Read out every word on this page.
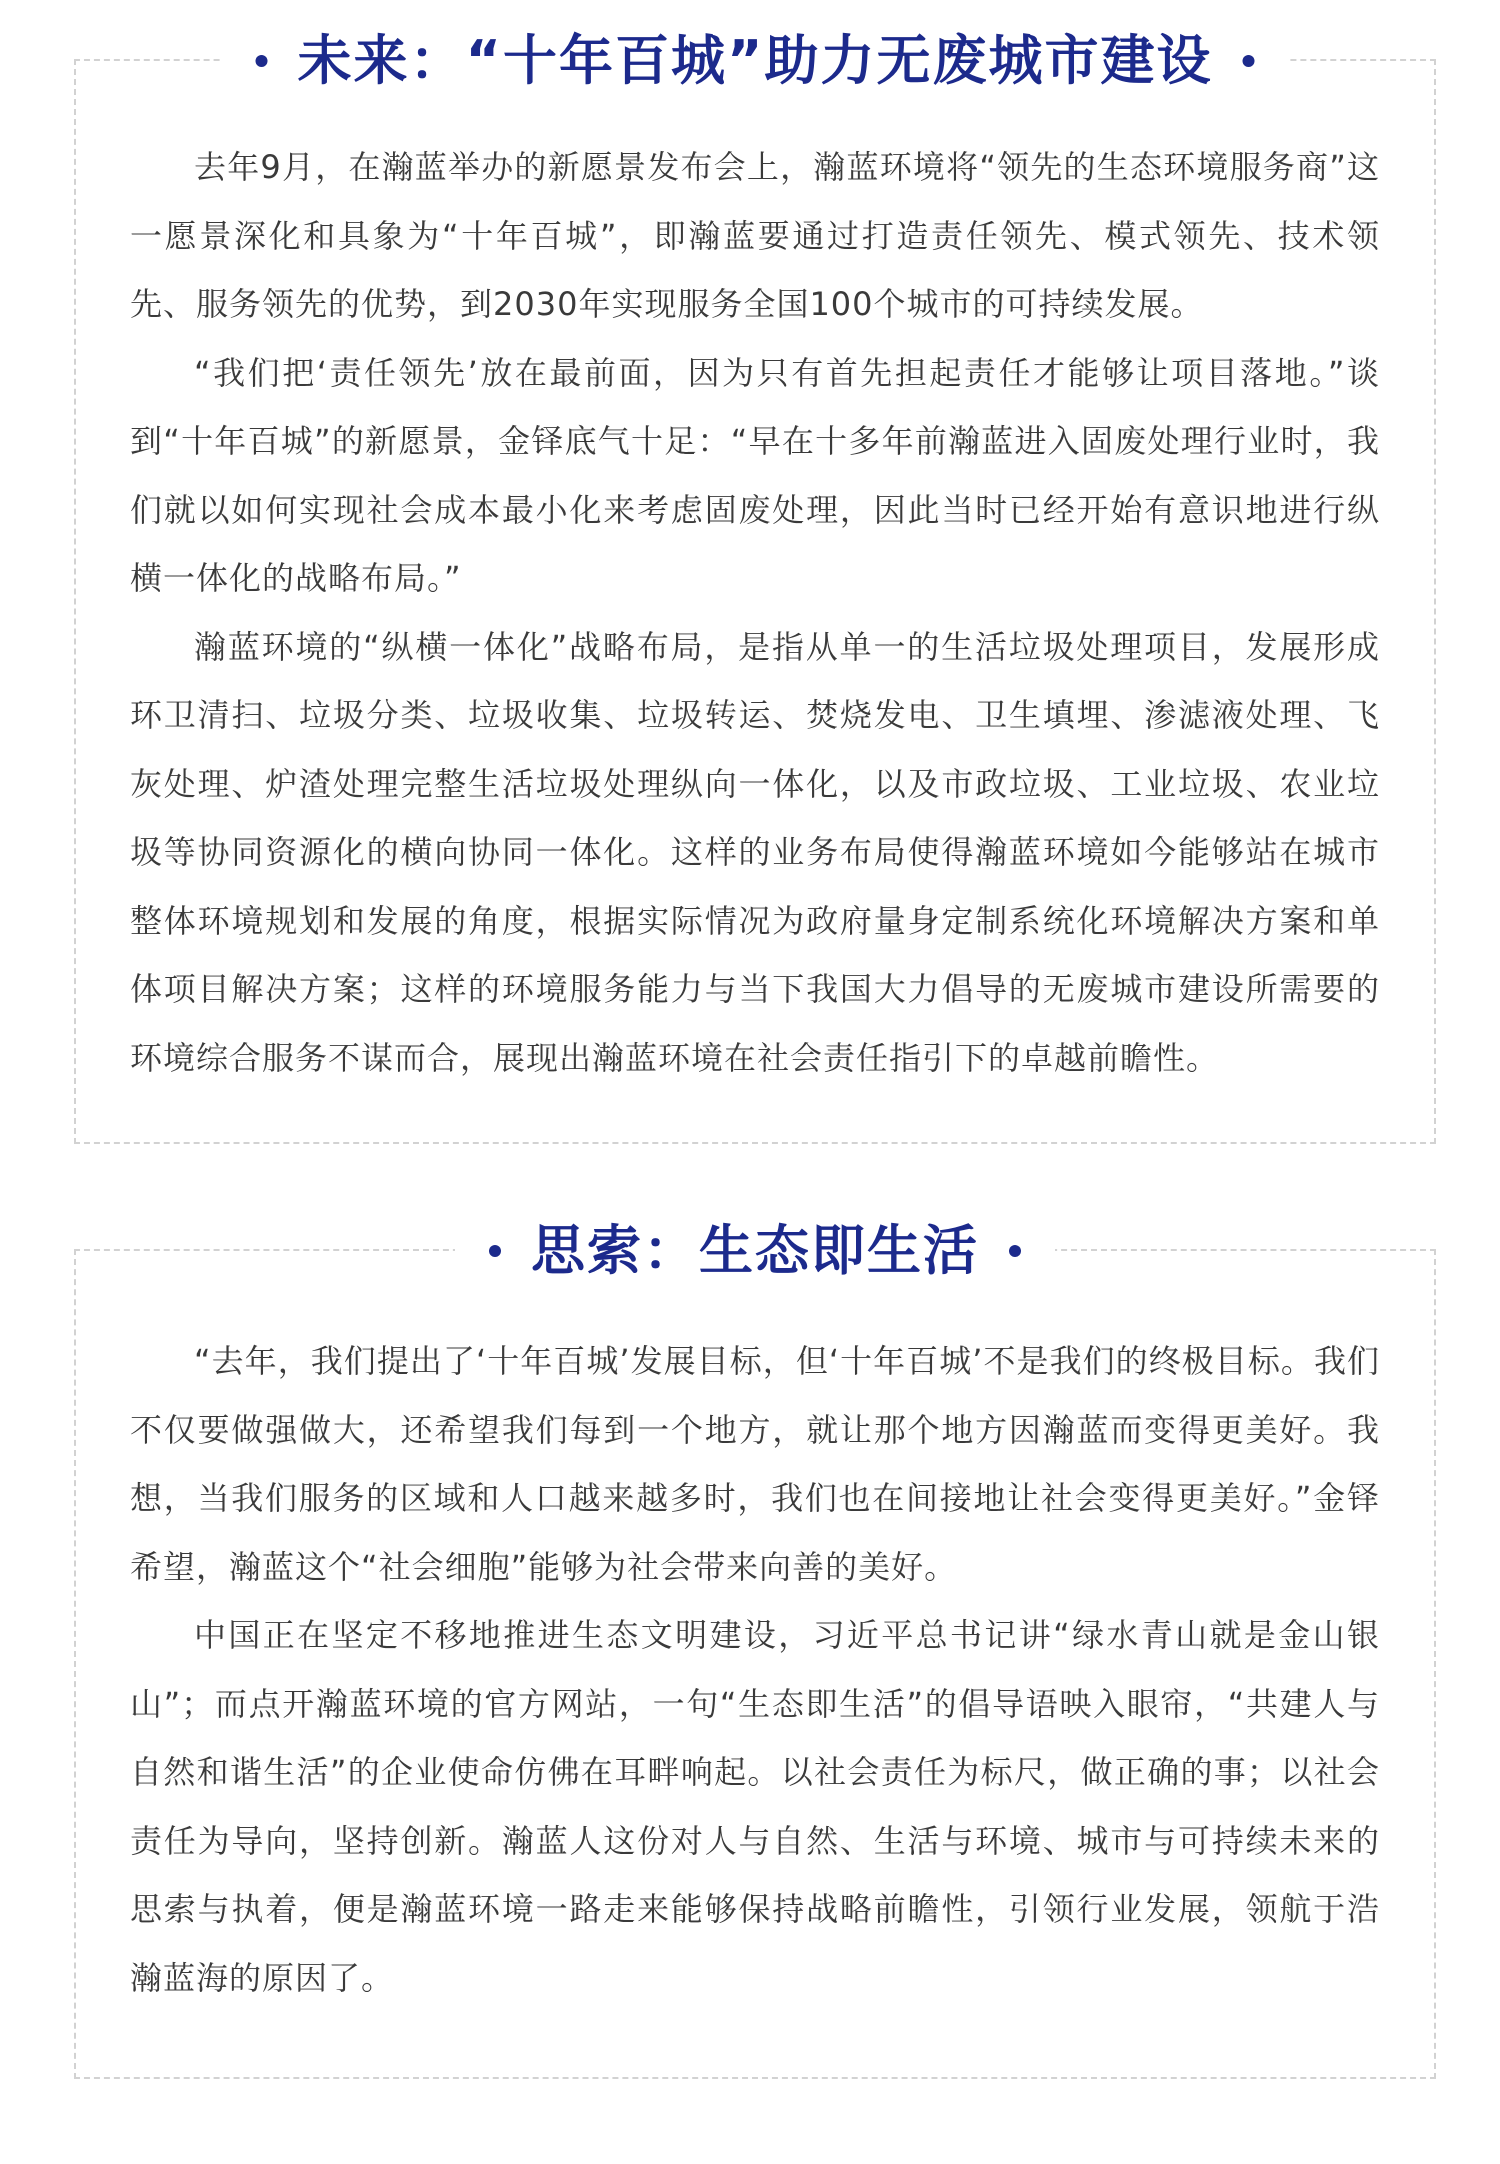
未来：“十年百城”助力无废城市建设

去年9月，在瀚蓝举办的新愿景发布会上，瀚蓝环境将“领先的生态环境服务商”这一愿景深化和具象为“十年百城”，即瀚蓝要通过打造责任领先、模式领先、技术领先、服务领先的优势，到2030年实现服务全国100个城市的可持续发展。

“我们把‘责任领先’放在最前面，因为只有首先担起责任才能够让项目落地。”谈到“十年百城”的新愿景，金铎底气十足：“早在十多年前瀚蓝进入固废处理行业时，我们就以如何实现社会成本最小化来考虑固废处理，因此当时已经开始有意识地进行纵横一体化的战略布局。”

瀚蓝环境的“纵横一体化”战略布局，是指从单一的生活垃圾处理项目，发展形成环卫清扫、垃圾分类、垃圾收集、垃圾转运、焚烧发电、卫生填埋、渗滤液处理、飞灰处理、炉渣处理完整生活垃圾处理纵向一体化，以及市政垃圾、工业垃圾、农业垃圾等协同资源化的横向协同一体化。这样的业务布局使得瀚蓝环境如今能够站在城市整体环境规划和发展的角度，根据实际情况为政府量身定制系统化环境解决方案和单体项目解决方案；这样的环境服务能力与当下我国大力倡导的无废城市建设所需要的环境综合服务不谋而合，展现出瀚蓝环境在社会责任指引下的卓越前瞻性。

思索：生态即生活

“去年，我们提出了‘十年百城’发展目标，但‘十年百城’不是我们的终极目标。我们不仅要做强做大，还希望我们每到一个地方，就让那个地方因瀚蓝而变得更美好。我想，当我们服务的区域和人口越来越多时，我们也在间接地让社会变得更美好。”金铎希望，瀚蓝这个“社会细胞”能够为社会带来向善的美好。

中国正在坚定不移地推进生态文明建设，习近平总书记讲“绿水青山就是金山银山”；而点开瀚蓝环境的官方网站，一句“生态即生活”的倡导语映入眼帘，“共建人与自然和谐生活”的企业使命仿佛在耳畔响起。以社会责任为标尺，做正确的事；以社会责任为导向，坚持创新。瀚蓝人这份对人与自然、生活与环境、城市与可持续未来的思索与执着，便是瀚蓝环境一路走来能够保持战略前瞻性，引领行业发展，领航于浩瀚蓝海的原因了。
